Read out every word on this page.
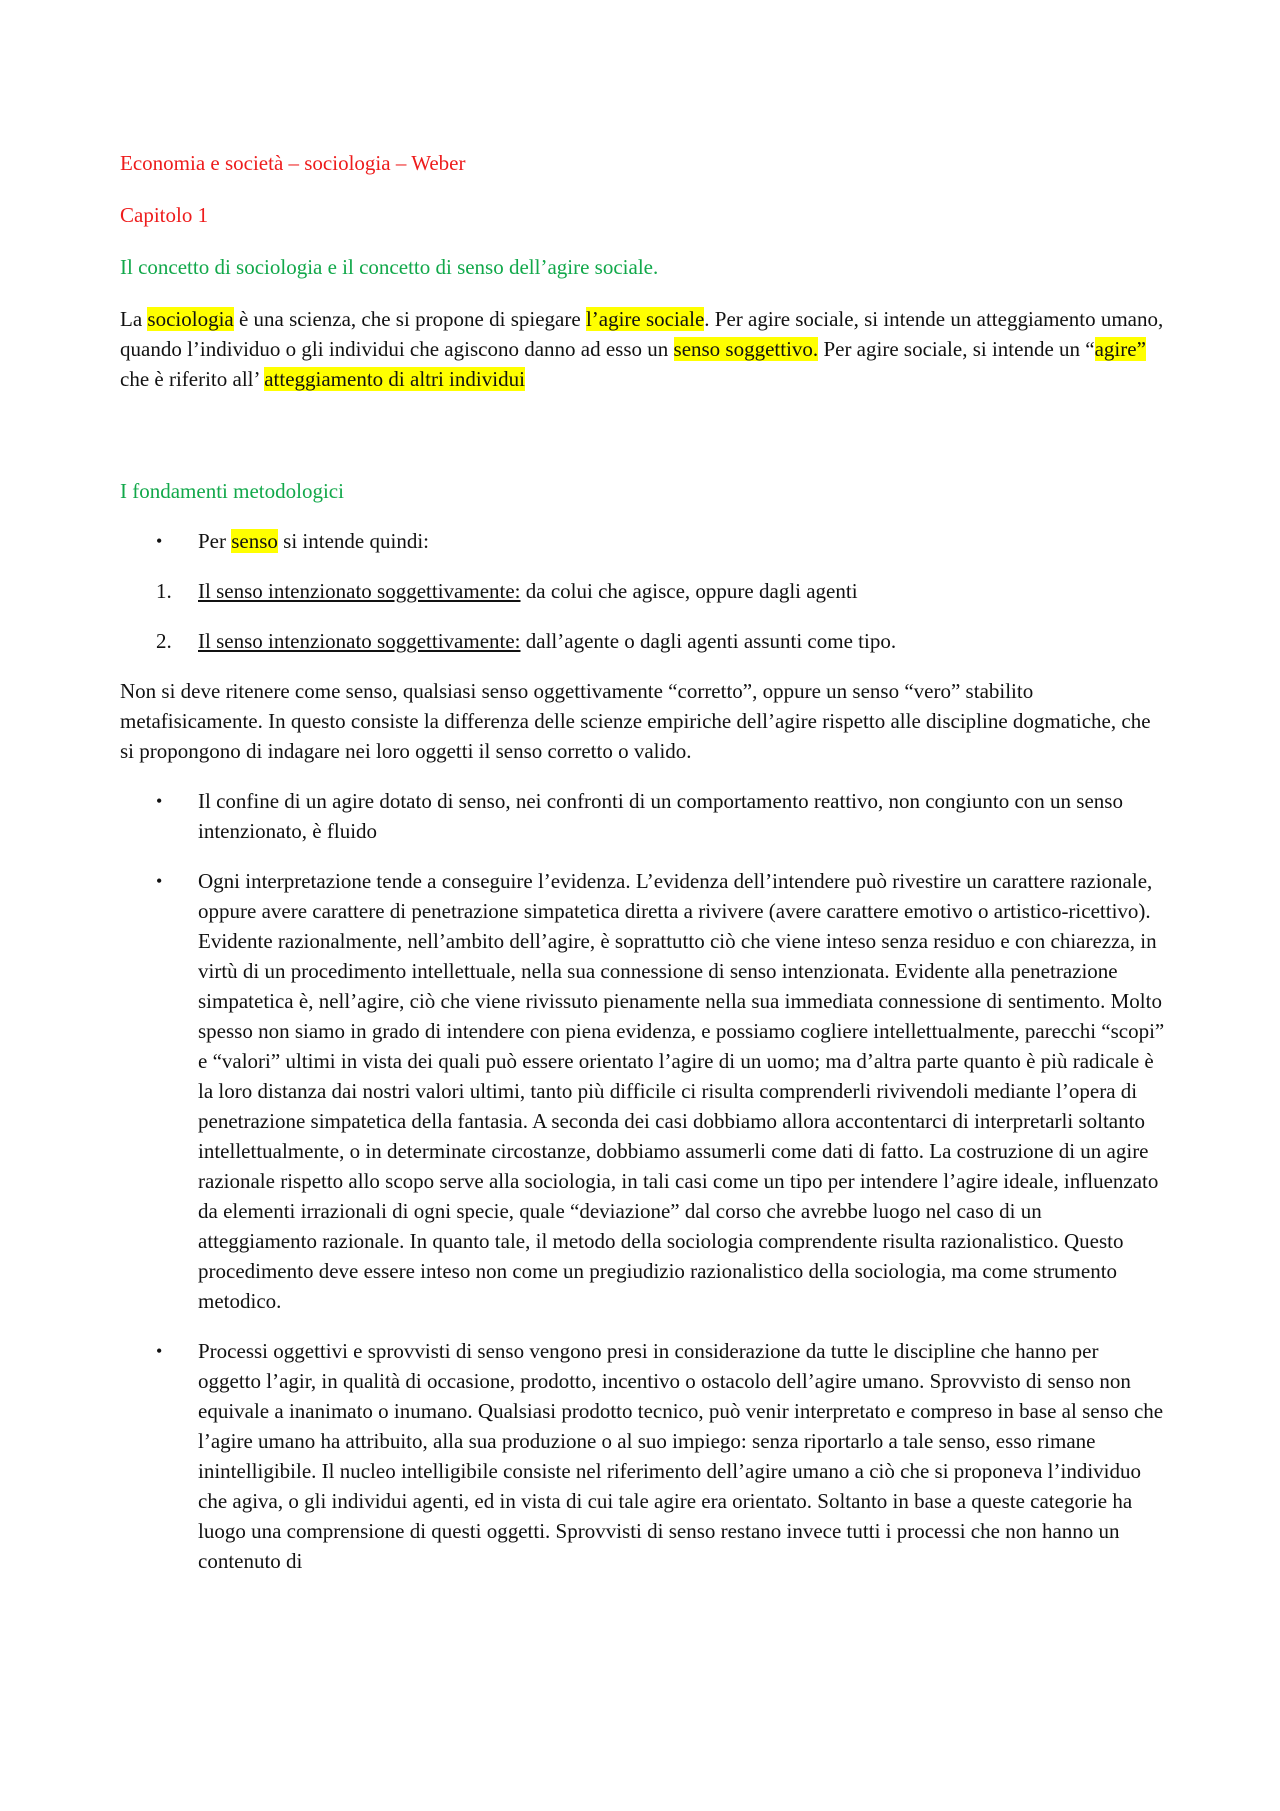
Economia e società – sociologia – Weber

Capitolo 1

Il concetto di sociologia e il concetto di senso dell’agire sociale.

La sociologia è una scienza, che si propone di spiegare l’agire sociale. Per agire sociale, si intende un atteggiamento umano, quando l’individuo o gli individui che agiscono danno ad esso un senso soggettivo. Per agire sociale, si intende un “agire” che è riferito all’ atteggiamento di altri individui

I fondamenti metodologici

• Per senso si intende quindi:
1. Il senso intenzionato soggettivamente: da colui che agisce, oppure dagli agenti
2. Il senso intenzionato soggettivamente: dall’agente o dagli agenti assunti come tipo.

Non si deve ritenere come senso, qualsiasi senso oggettivamente “corretto”, oppure un senso “vero” stabilito metafisicamente. In questo consiste la differenza delle scienze empiriche dell’agire rispetto alle discipline dogmatiche, che si propongono di indagare nei loro oggetti il senso corretto o valido.

• Il confine di un agire dotato di senso, nei confronti di un comportamento reattivo, non congiunto con un senso intenzionato, è fluido
• Ogni interpretazione tende a conseguire l’evidenza. L’evidenza dell’intendere può rivestire un carattere razionale, oppure avere carattere di penetrazione simpatetica diretta a rivivere (avere carattere emotivo o artistico-ricettivo). Evidente razionalmente, nell’ambito dell’agire, è soprattutto ciò che viene inteso senza residuo e con chiarezza, in virtù di un procedimento intellettuale, nella sua connessione di senso intenzionata. Evidente alla penetrazione simpatetica è, nell’agire, ciò che viene rivissuto pienamente nella sua immediata connessione di sentimento. Molto spesso non siamo in grado di intendere con piena evidenza, e possiamo cogliere intellettualmente, parecchi “scopi” e “valori” ultimi in vista dei quali può essere orientato l’agire di un uomo; ma d’altra parte quanto è più radicale è la loro distanza dai nostri valori ultimi, tanto più difficile ci risulta comprenderli rivivendoli mediante l’opera di penetrazione simpatetica della fantasia. A seconda dei casi dobbiamo allora accontentarci di interpretarli soltanto intellettualmente, o in determinate circostanze, dobbiamo assumerli come dati di fatto. La costruzione di un agire razionale rispetto allo scopo serve alla sociologia, in tali casi come un tipo per intendere l’agire ideale, influenzato da elementi irrazionali di ogni specie, quale “deviazione” dal corso che avrebbe luogo nel caso di un atteggiamento razionale. In quanto tale, il metodo della sociologia comprendente risulta razionalistico. Questo procedimento deve essere inteso non come un pregiudizio razionalistico della sociologia, ma come strumento metodico.
• Processi oggettivi e sprovvisti di senso vengono presi in considerazione da tutte le discipline che hanno per oggetto l’agir, in qualità di occasione, prodotto, incentivo o ostacolo dell’agire umano. Sprovvisto di senso non equivale a inanimato o inumano. Qualsiasi prodotto tecnico, può venir interpretato e compreso in base al senso che l’agire umano ha attribuito, alla sua produzione o al suo impiego: senza riportarlo a tale senso, esso rimane inintelligibile. Il nucleo intelligibile consiste nel riferimento dell’agire umano a ciò che si proponeva l’individuo che agiva, o gli individui agenti, ed in vista di cui tale agire era orientato. Soltanto in base a queste categorie ha luogo una comprensione di questi oggetti. Sprovvisti di senso restano invece tutti i processi che non hanno un contenuto di
